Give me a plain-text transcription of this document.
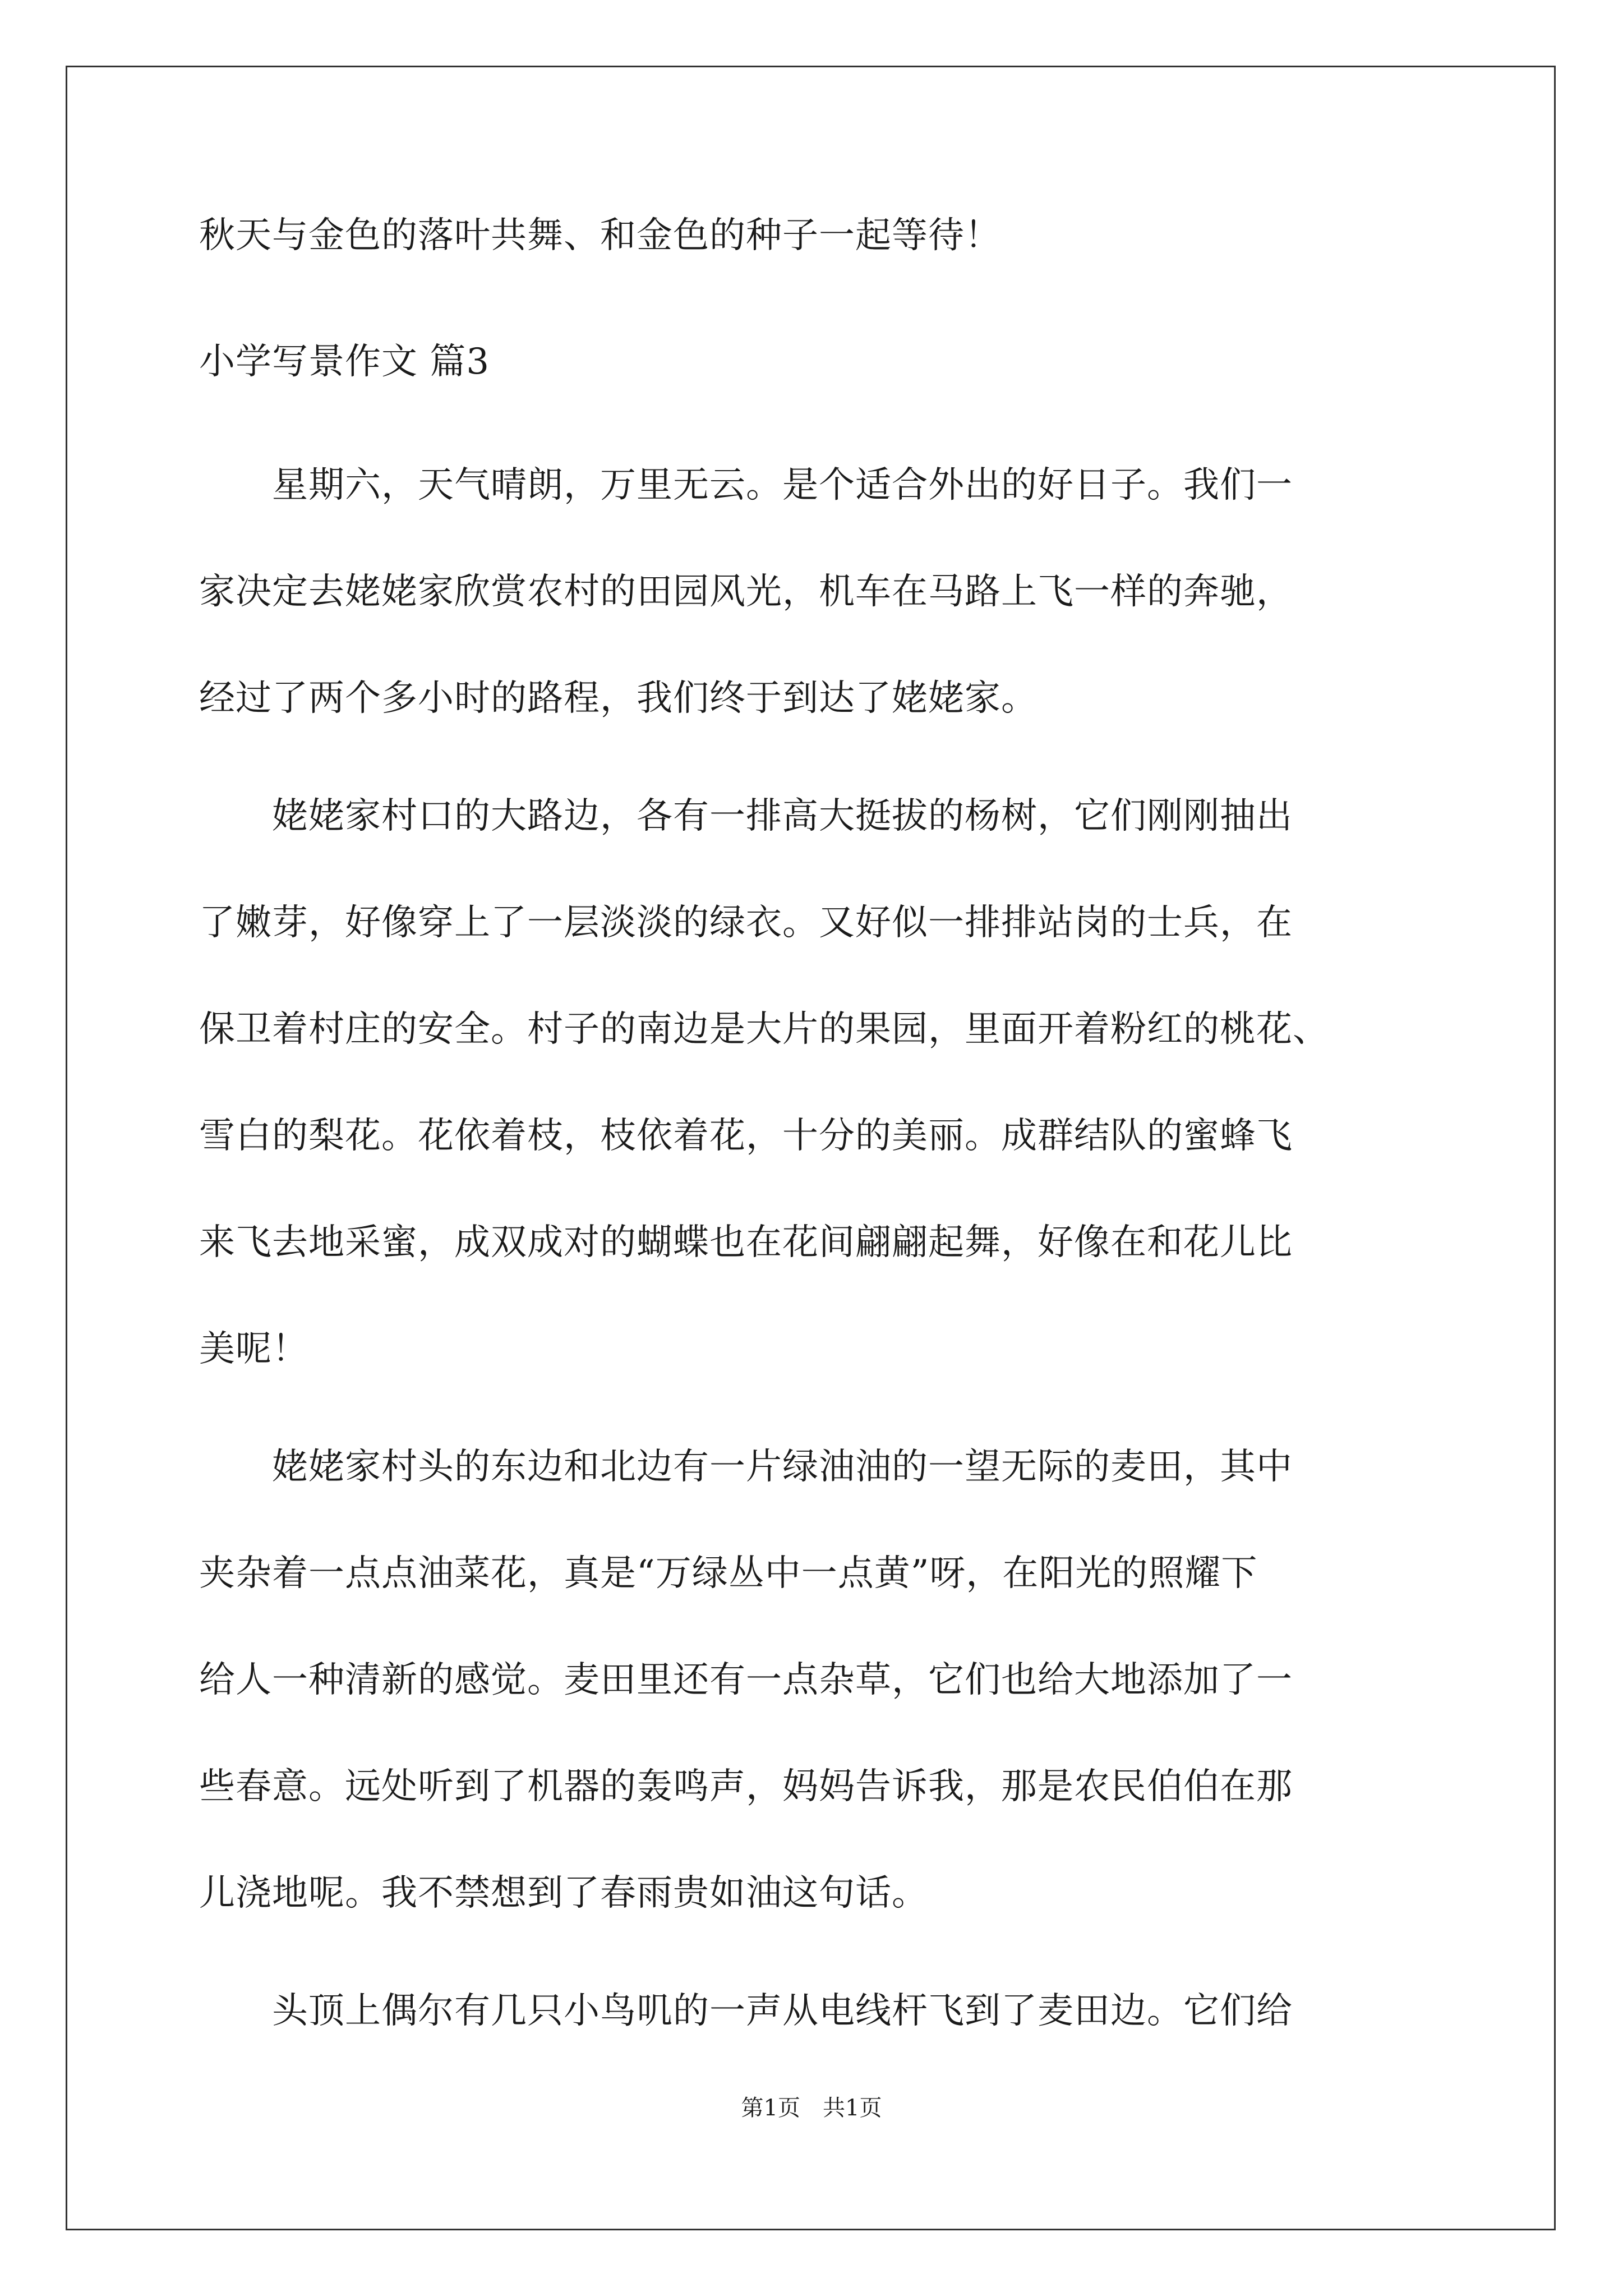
第1页　共1页

秋天与金色的落叶共舞、和金色的种子一起等待！

小学写景作文 篇3

　　星期六，天气晴朗，万里无云。是个适合外出的好日子。我们一

家决定去姥姥家欣赏农村的田园风光，机车在马路上飞一样的奔驰，

经过了两个多小时的路程，我们终于到达了姥姥家。

　　姥姥家村口的大路边，各有一排高大挺拔的杨树，它们刚刚抽出

了嫩芽，好像穿上了一层淡淡的绿衣。又好似一排排站岗的士兵，在

保卫着村庄的安全。村子的南边是大片的果园，里面开着粉红的桃花、

雪白的梨花。花依着枝，枝依着花，十分的美丽。成群结队的蜜蜂飞

来飞去地采蜜，成双成对的蝴蝶也在花间翩翩起舞，好像在和花儿比

美呢！

　　姥姥家村头的东边和北边有一片绿油油的一望无际的麦田，其中

夹杂着一点点油菜花，真是“万绿丛中一点黄”呀，在阳光的照耀下

给人一种清新的感觉。麦田里还有一点杂草，它们也给大地添加了一

些春意。远处听到了机器的轰鸣声，妈妈告诉我，那是农民伯伯在那

儿浇地呢。我不禁想到了春雨贵如油这句话。

　　头顶上偶尔有几只小鸟叽的一声从电线杆飞到了麦田边。它们给
